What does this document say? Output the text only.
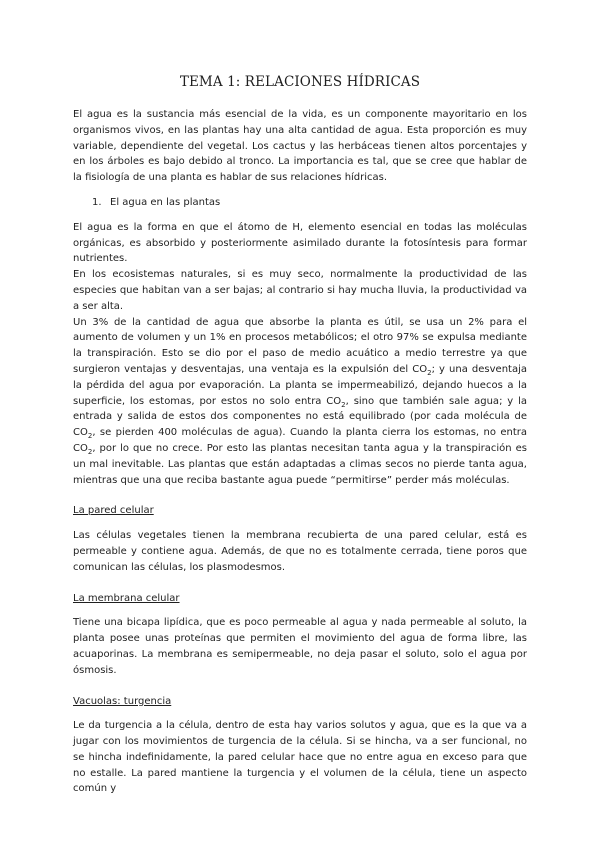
TEMA 1: RELACIONES HÍDRICAS

El agua es la sustancia más esencial de la vida, es un componente mayoritario en los organismos vivos, en las plantas hay una alta cantidad de agua. Esta proporción es muy variable, dependiente del vegetal. Los cactus y las herbáceas tienen altos porcentajes y en los árboles es bajo debido al tronco. La importancia es tal, que se cree que hablar de la fisiología de una planta es hablar de sus relaciones hídricas.

1. El agua en las plantas

El agua es la forma en que el átomo de H, elemento esencial en todas las moléculas orgánicas, es absorbido y posteriormente asimilado durante la fotosíntesis para formar nutrientes.

En los ecosistemas naturales, si es muy seco, normalmente la productividad de las especies que habitan van a ser bajas; al contrario si hay mucha lluvia, la productividad va a ser alta.

Un 3% de la cantidad de agua que absorbe la planta es útil, se usa un 2% para el aumento de volumen y un 1% en procesos metabólicos; el otro 97% se expulsa mediante la transpiración. Esto se dio por el paso de medio acuático a medio terrestre ya que surgieron ventajas y desventajas, una ventaja es la expulsión del $CO_2$; y una desventaja la pérdida del agua por evaporación. La planta se impermeabilizó, dejando huecos a la superficie, los estomas, por estos no solo entra $CO_2$, sino que también sale agua; y la entrada y salida de estos dos componentes no está equilibrado (por cada molécula de $CO_2$, se pierden 400 moléculas de agua). Cuando la planta cierra los estomas, no entra $CO_2$, por lo que no crece. Por esto las plantas necesitan tanta agua y la transpiración es un mal inevitable. Las plantas que están adaptadas a climas secos no pierde tanta agua, mientras que una que reciba bastante agua puede “permitirse” perder más moléculas.

La pared celular

Las células vegetales tienen la membrana recubierta de una pared celular, está es permeable y contiene agua. Además, de que no es totalmente cerrada, tiene poros que comunican las células, los plasmodesmos.

La membrana celular

Tiene una bicapa lipídica, que es poco permeable al agua y nada permeable al soluto, la planta posee unas proteínas que permiten el movimiento del agua de forma libre, las acuaporinas. La membrana es semipermeable, no deja pasar el soluto, solo el agua por ósmosis.

Vacuolas: turgencia

Le da turgencia a la célula, dentro de esta hay varios solutos y agua, que es la que va a jugar con los movimientos de turgencia de la célula. Si se hincha, va a ser funcional, no se hincha indefinidamente, la pared celular hace que no entre agua en exceso para que no estalle. La pared mantiene la turgencia y el volumen de la célula, tiene un aspecto común y
